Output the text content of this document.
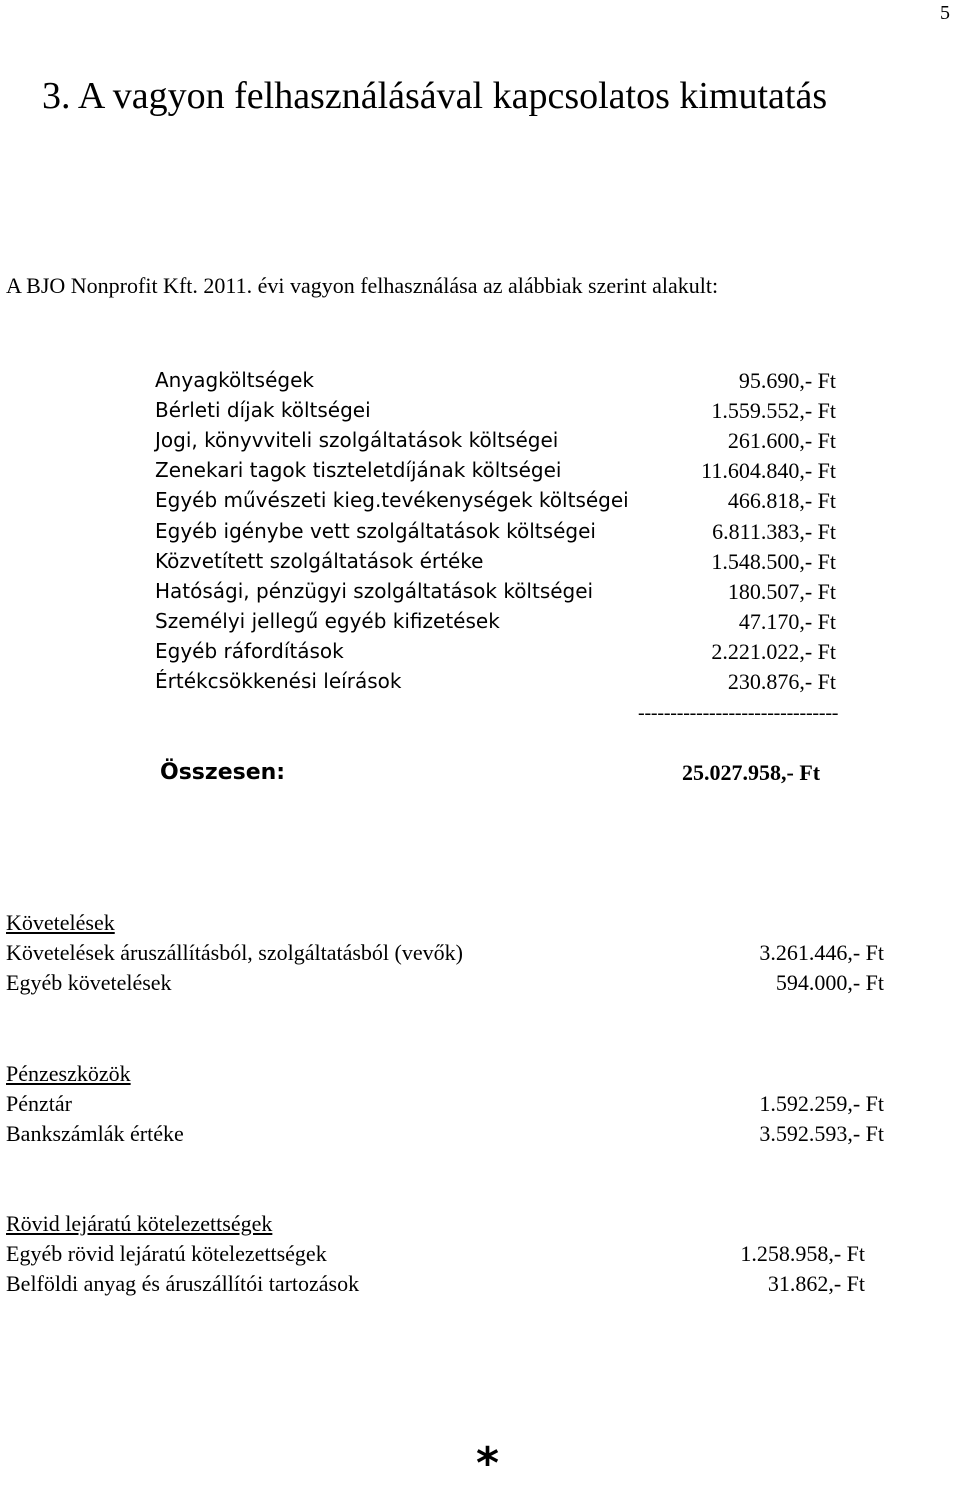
5
3. A vagyon felhasználásával kapcsolatos kimutatás
A BJO Nonprofit Kft. 2011. évi vagyon felhasználása az alábbiak szerint alakult:
Anyagköltségek	95.690,- Ft
Bérleti díjak költségei	1.559.552,- Ft
Jogi, könyvviteli szolgáltatások költségei	261.600,- Ft
Zenekari tagok tiszteletdíjának költségei	11.604.840,- Ft
Egyéb művészeti kieg.tevékenységek költségei	466.818,- Ft
Egyéb igénybe vett szolgáltatások költségei	6.811.383,- Ft
Közvetített szolgáltatások értéke	1.548.500,- Ft
Hatósági, pénzügyi szolgáltatások költségei	180.507,- Ft
Személyi jellegű egyéb kifizetések	47.170,- Ft
Egyéb ráfordítások	2.221.022,- Ft
Értékcsökkenési leírások	230.876,- Ft
-------------------------------
Összesen:	25.027.958,- Ft
Követelések
Követelések áruszállításból, szolgáltatásból (vevők)	3.261.446,- Ft
Egyéb követelések	594.000,- Ft
Pénzeszközök
Pénztár	1.592.259,- Ft
Bankszámlák értéke	3.592.593,- Ft
Rövid lejáratú kötelezettségek
Egyéb rövid lejáratú kötelezettségek	1.258.958,- Ft
Belföldi anyag és áruszállítói tartozások	31.862,- Ft
*
